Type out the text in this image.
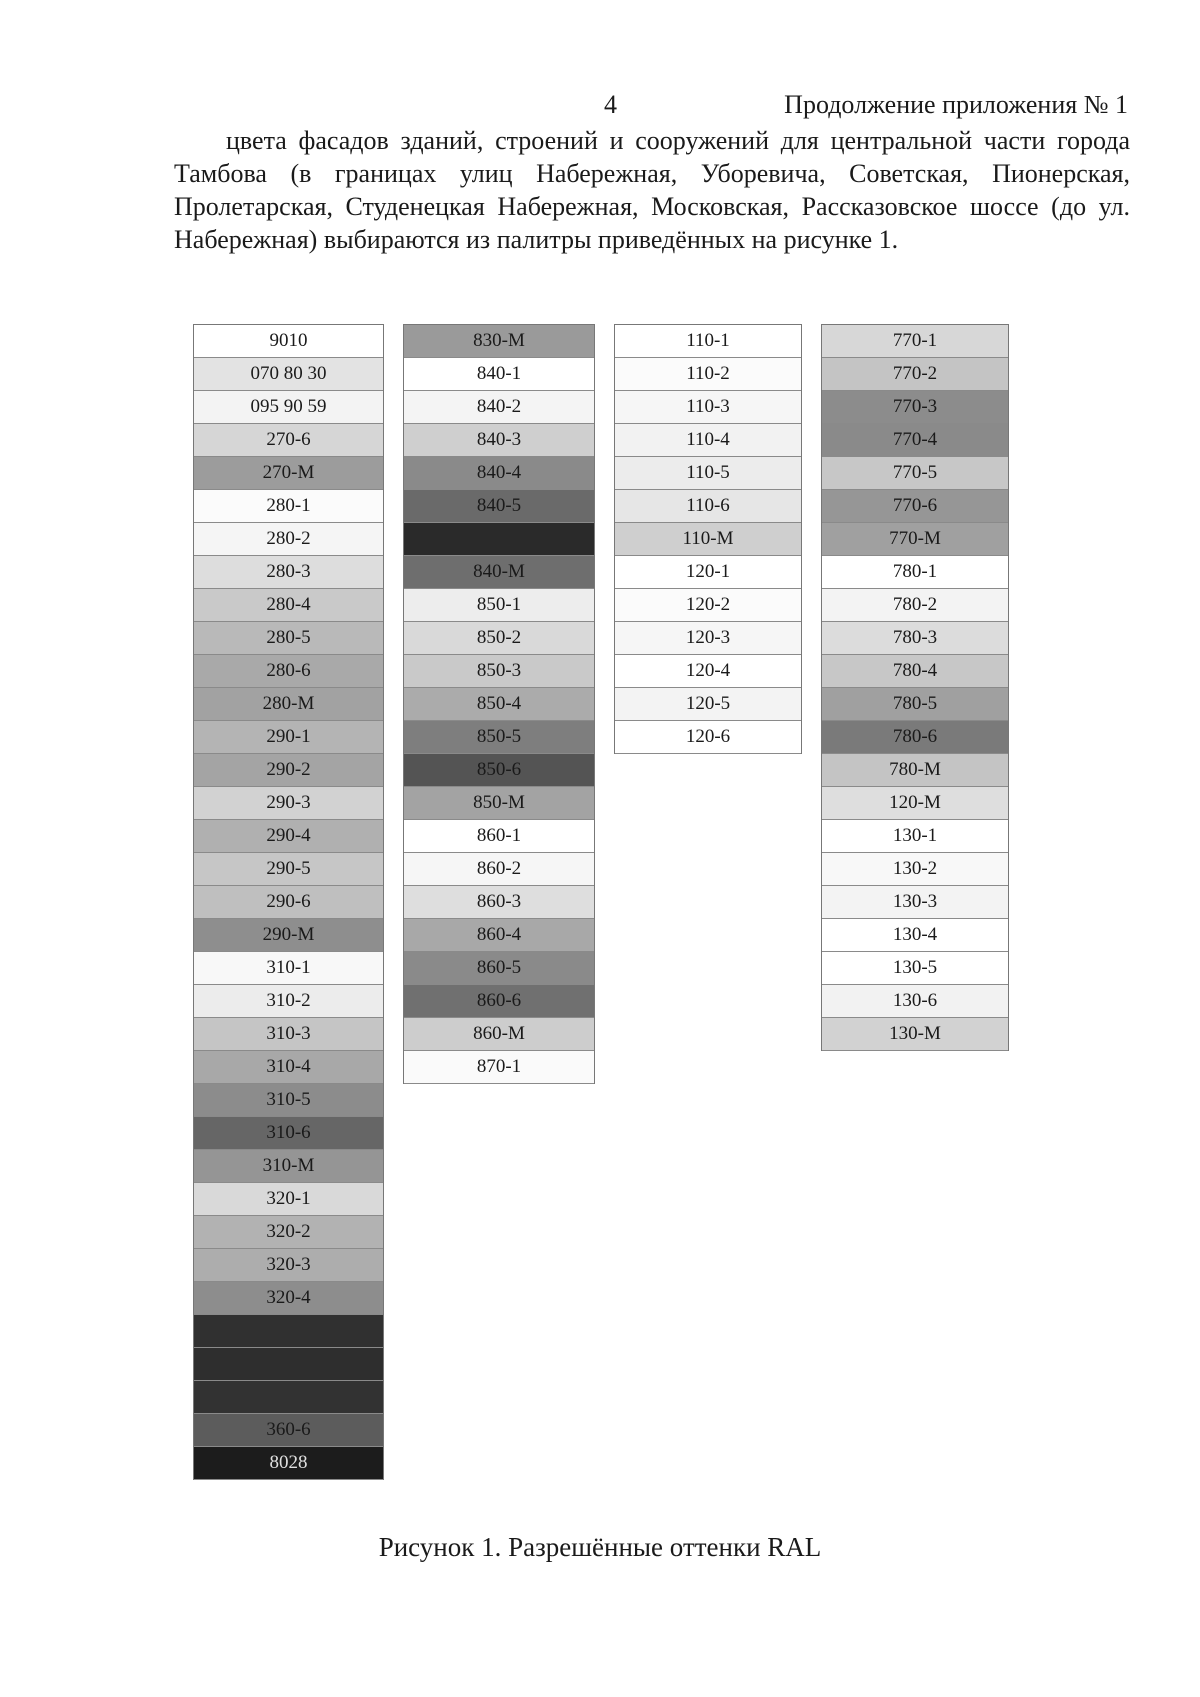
4	Продолжение приложения № 1

цвета фасадов зданий, строений и сооружений для центральной части города Тамбова (в границах улиц Набережная, Уборевича, Советская, Пионерская, Пролетарская, Студенецкая Набережная, Московская, Рассказовское шоссе (до ул. Набережная) выбираются из палитры приведённых на рисунке 1.

9010
070 80 30
095 90 59
270-6
270-M
280-1
280-2
280-3
280-4
280-5
280-6
280-M
290-1
290-2
290-3
290-4
290-5
290-6
290-M
310-1
310-2
310-3
310-4
310-5
310-6
310-M
320-1
320-2
320-3
320-4
360-6
8028
830-M
840-1
840-2
840-3
840-4
840-5
840-M
850-1
850-2
850-3
850-4
850-5
850-6
850-M
860-1
860-2
860-3
860-4
860-5
860-6
860-M
870-1
110-1
110-2
110-3
110-4
110-5
110-6
110-M
120-1
120-2
120-3
120-4
120-5
120-6
770-1
770-2
770-3
770-4
770-5
770-6
770-M
780-1
780-2
780-3
780-4
780-5
780-6
780-M
120-M
130-1
130-2
130-3
130-4
130-5
130-6
130-M
Рисунок 1. Разрешённые оттенки RAL
